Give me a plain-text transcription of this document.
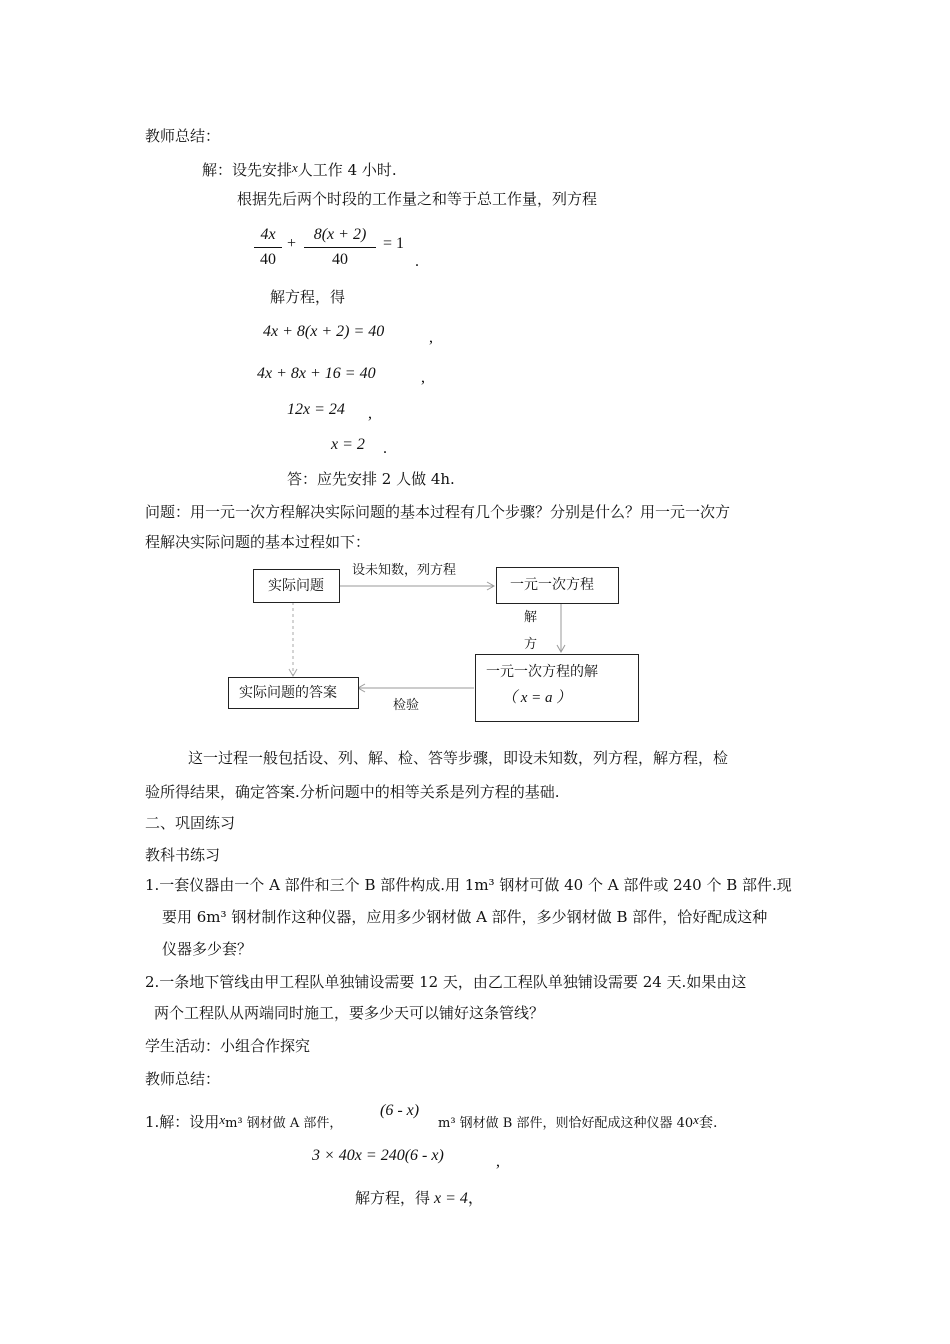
教师总结：
解：设先安排x人工作 4 小时.
根据先后两个时段的工作量之和等于总工作量，列方程
$\frac{4x}{40} + \frac{8(x + 2)}{40} = 1$
.
解方程，得
4x + 8(x + 2) = 40	,
4x + 8x + 16 = 40	,
12x = 24 ,
x = 2 .
答：应先安排 2 人做 4h.
问题：用一元一次方程解决实际问题的基本过程有几个步骤？分别是什么？用一元一次方
程解决实际问题的基本过程如下：
实际问题
设未知数，列方程
一元一次方程
解
方
一元一次方程的解
（ x = a ）
实际问题的答案
检验
这一过程一般包括设、列、解、检、答等步骤，即设未知数，列方程，解方程，检
验所得结果，确定答案.分析问题中的相等关系是列方程的基础.
二、巩固练习
教科书练习
1.一套仪器由一个 A 部件和三个 B 部件构成.用 1m³ 钢材可做 40 个 A 部件或 240 个 B 部件.现
要用 6m³ 钢材制作这种仪器，应用多少钢材做 A 部件，多少钢材做 B 部件，恰好配成这种
仪器多少套？
2.一条地下管线由甲工程队单独铺设需要 12 天，由乙工程队单独铺设需要 24 天.如果由这
两个工程队从两端同时施工，要多少天可以铺好这条管线？
学生活动：小组合作探究
教师总结：
1.解：设用xm³ 钢材做 A 部件，
(6 - x)
m³ 钢材做 B 部件，则恰好配成这种仪器 40x套.
3 × 40x = 240(6 - x)	,
解方程，得 x = 4，
